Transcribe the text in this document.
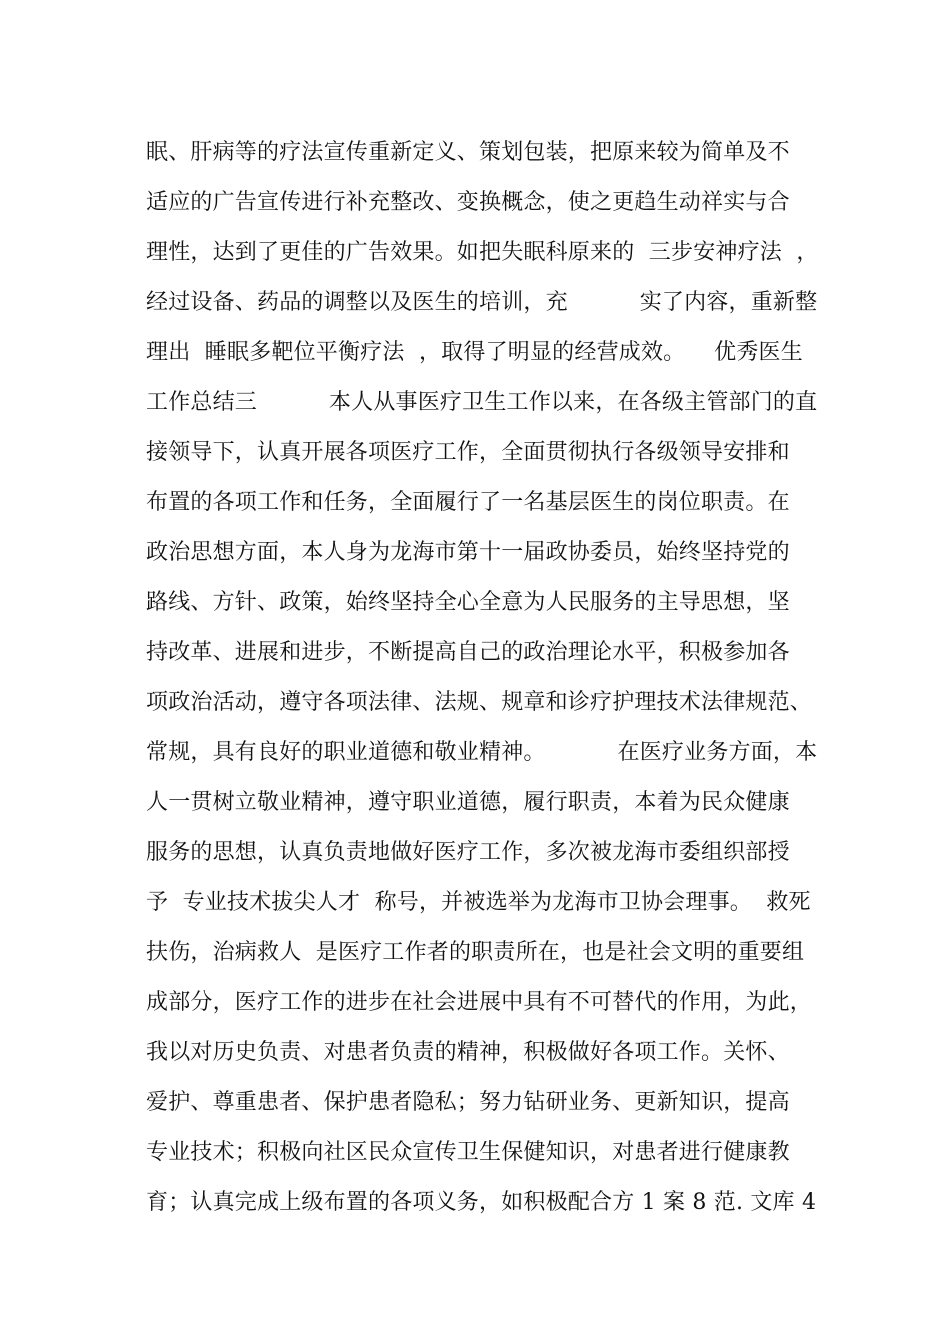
眠、肝病等的疗法宣传重新定义、策划包装，把原来较为简单及不
适应的广告宣传进行补充整改、变换概念，使之更趋生动祥实与合
理性，达到了更佳的广告效果。如把失眠科原来的  三步安神疗法  ，
经过设备、药品的调整以及医生的培训，充          实了内容，重新整
理出  睡眠多靶位平衡疗法  ，取得了明显的经营成效。    优秀医生
工作总结三          本人从事医疗卫生工作以来，在各级主管部门的直
接领导下，认真开展各项医疗工作，全面贯彻执行各级领导安排和
布置的各项工作和任务，全面履行了一名基层医生的岗位职责。在
政治思想方面，本人身为龙海市第十一届政协委员，始终坚持党的
路线、方针、政策，始终坚持全心全意为人民服务的主导思想，坚
持改革、进展和进步，不断提高自己的政治理论水平，积极参加各
项政治活动，遵守各项法律、法规、规章和诊疗护理技术法律规范、
常规，具有良好的职业道德和敬业精神。          在医疗业务方面，本
人一贯树立敬业精神，遵守职业道德，履行职责，本着为民众健康
服务的思想，认真负责地做好医疗工作，多次被龙海市委组织部授
予  专业技术拔尖人才  称号，并被选举为龙海市卫协会理事。  救死
扶伤，治病救人  是医疗工作者的职责所在，也是社会文明的重要组
成部分，医疗工作的进步在社会进展中具有不可替代的作用，为此，
我以对历史负责、对患者负责的精神，积极做好各项工作。关怀、
爱护、尊重患者、保护患者隐私；努力钻研业务、更新知识，提高
专业技术；积极向社区民众宣传卫生保健知识，对患者进行健康教
育；认真完成上级布置的各项义务，如积极配合方 1 案 8 范. 文库 4
